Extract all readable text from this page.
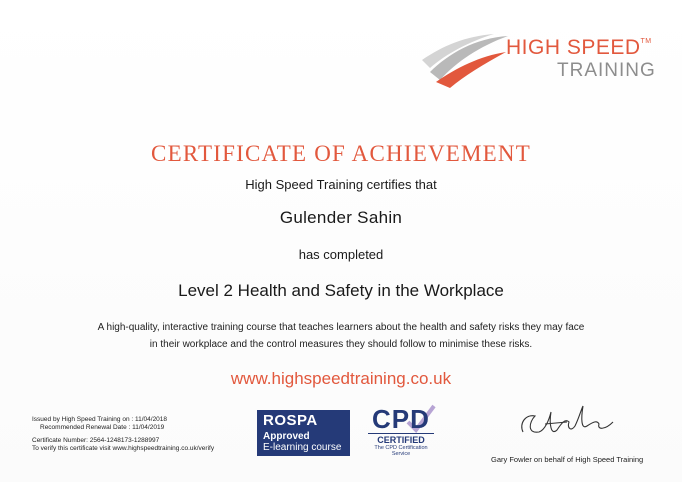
HIGH SPEED™
TRAINING
CERTIFICATE OF ACHIEVEMENT
High Speed Training certifies that
Gulender Sahin
has completed
Level 2 Health and Safety in the Workplace
A high-quality, interactive training course that teaches learners about the health and safety risks they may face
in their workplace and the control measures they should follow to minimise these risks.
www.highspeedtraining.co.uk
Issued by High Speed Training on : 11/04/2018
Recommended Renewal Date : 11/04/2019
Certificate Number: 2564-1248173-1288997
To verify this certificate visit www.highspeedtraining.co.uk/verify
ROSPA
Approved
E-learning course
CPD
CERTIFIED
The CPD Certification Service
Gary Fowler on behalf of High Speed Training
